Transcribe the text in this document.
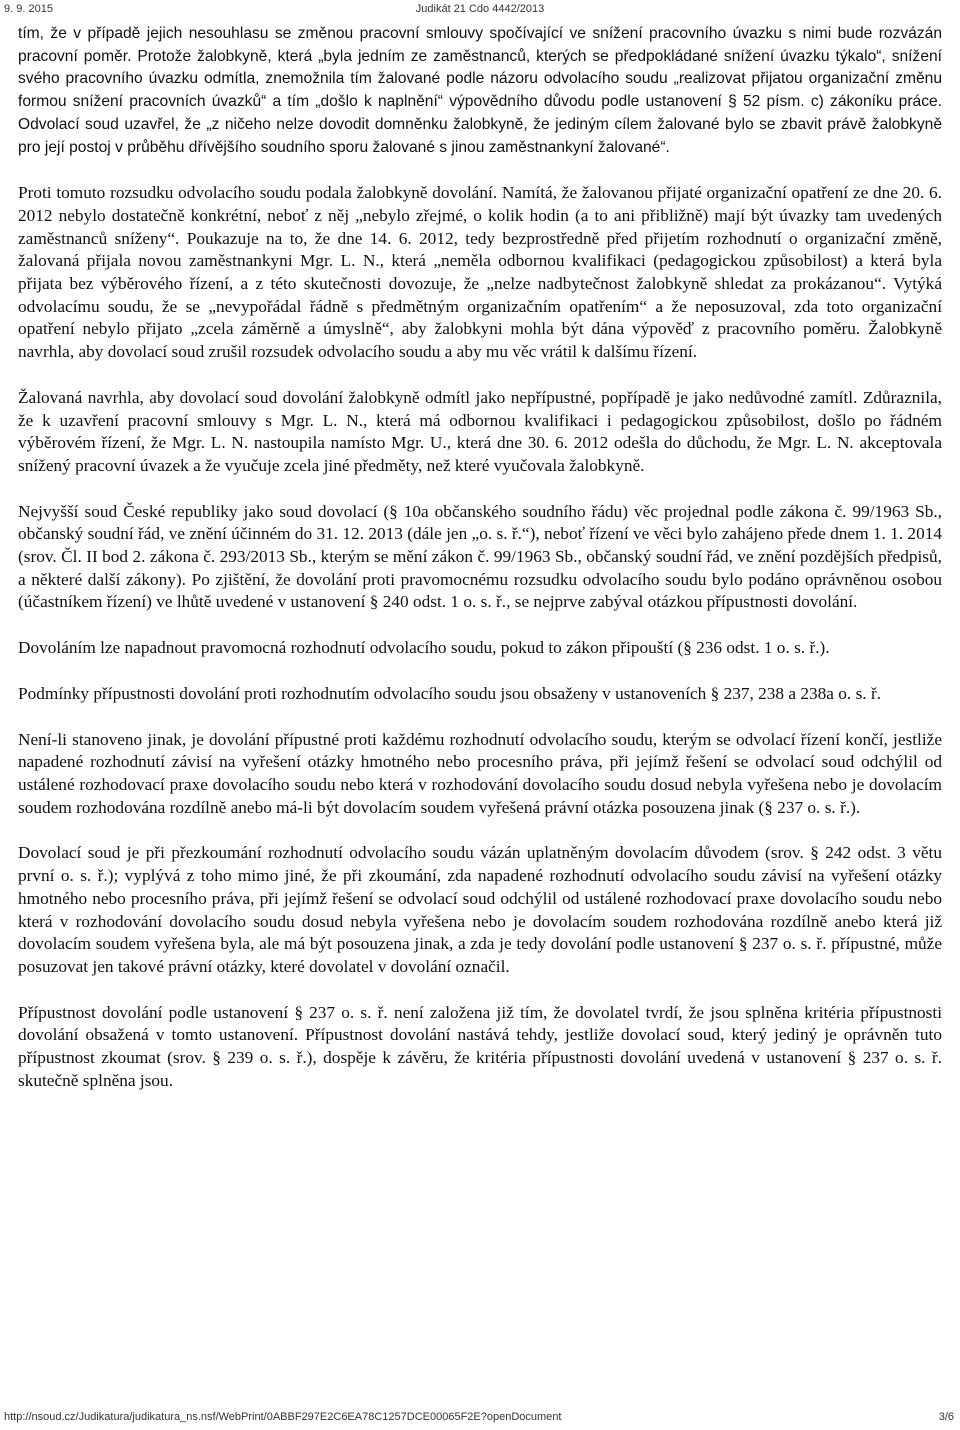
9. 9. 2015	Judikát 21 Cdo 4442/2013

tím, že v případě jejich nesouhlasu se změnou pracovní smlouvy spočívající ve snížení pracovního úvazku s nimi bude rozvázán pracovní poměr. Protože žalobkyně, která „byla jedním ze zaměstnanců, kterých se předpokládané snížení úvazku týkalo“, snížení svého pracovního úvazku odmítla, znemožnila tím žalované podle názoru odvolacího soudu „realizovat přijatou organizační změnu formou snížení pracovních úvazků“ a tím „došlo k naplnění“ výpovědního důvodu podle ustanovení § 52 písm. c) zákoníku práce. Odvolací soud uzavřel, že „z ničeho nelze dovodit domněnku žalobkyně, že jediným cílem žalované bylo se zbavit právě žalobkyně pro její postoj v průběhu dřívějšího soudního sporu žalované s jinou zaměstnankyní žalované“.

Proti tomuto rozsudku odvolacího soudu podala žalobkyně dovolání. Namítá, že žalovanou přijaté organizační opatření ze dne 20. 6. 2012 nebylo dostatečně konkrétní, neboť z něj „nebylo zřejmé, o kolik hodin (a to ani přibližně) mají být úvazky tam uvedených zaměstnanců sníženy“. Poukazuje na to, že dne 14. 6. 2012, tedy bezprostředně před přijetím rozhodnutí o organizační změně, žalovaná přijala novou zaměstnankyni Mgr. L. N., která „neměla odbornou kvalifikaci (pedagogickou způsobilost) a která byla přijata bez výběrového řízení, a z této skutečnosti dovozuje, že „nelze nadbytečnost žalobkyně shledat za prokázanou“. Vytýká odvolacímu soudu, že se „nevypořádal řádně s předmětným organizačním opatřením“ a že neposuzoval, zda toto organizační opatření nebylo přijato „zcela záměrně a úmyslně“, aby žalobkyni mohla být dána výpověď z pracovního poměru. Žalobkyně navrhla, aby dovolací soud zrušil rozsudek odvolacího soudu a aby mu věc vrátil k dalšímu řízení.

Žalovaná navrhla, aby dovolací soud dovolání žalobkyně odmítl jako nepřípustné, popřípadě je jako nedůvodné zamítl. Zdůraznila, že k uzavření pracovní smlouvy s Mgr. L. N., která má odbornou kvalifikaci i pedagogickou způsobilost, došlo po řádném výběrovém řízení, že Mgr. L. N. nastoupila namísto Mgr. U., která dne 30. 6. 2012 odešla do důchodu, že Mgr. L. N. akceptovala snížený pracovní úvazek a že vyučuje zcela jiné předměty, než které vyučovala žalobkyně.

Nejvyšší soud České republiky jako soud dovolací (§ 10a občanského soudního řádu) věc projednal podle zákona č. 99/1963 Sb., občanský soudní řád, ve znění účinném do 31. 12. 2013 (dále jen „o. s. ř.“), neboť řízení ve věci bylo zahájeno přede dnem 1. 1. 2014 (srov. Čl. II bod 2. zákona č. 293/2013 Sb., kterým se mění zákon č. 99/1963 Sb., občanský soudní řád, ve znění pozdějších předpisů, a některé další zákony). Po zjištění, že dovolání proti pravomocnému rozsudku odvolacího soudu bylo podáno oprávněnou osobou (účastníkem řízení) ve lhůtě uvedené v ustanovení § 240 odst. 1 o. s. ř., se nejprve zabýval otázkou přípustnosti dovolání.

Dovoláním lze napadnout pravomocná rozhodnutí odvolacího soudu, pokud to zákon připouští (§ 236 odst. 1 o. s. ř.).

Podmínky přípustnosti dovolání proti rozhodnutím odvolacího soudu jsou obsaženy v ustanoveních § 237, 238 a 238a o. s. ř.

Není-li stanoveno jinak, je dovolání přípustné proti každému rozhodnutí odvolacího soudu, kterým se odvolací řízení končí, jestliže napadené rozhodnutí závisí na vyřešení otázky hmotného nebo procesního práva, při jejímž řešení se odvolací soud odchýlil od ustálené rozhodovací praxe dovolacího soudu nebo která v rozhodování dovolacího soudu dosud nebyla vyřešena nebo je dovolacím soudem rozhodována rozdílně anebo má-li být dovolacím soudem vyřešená právní otázka posouzena jinak (§ 237 o. s. ř.).

Dovolací soud je při přezkoumání rozhodnutí odvolacího soudu vázán uplatněným dovolacím důvodem (srov. § 242 odst. 3 větu první o. s. ř.); vyplývá z toho mimo jiné, že při zkoumání, zda napadené rozhodnutí odvolacího soudu závisí na vyřešení otázky hmotného nebo procesního práva, při jejímž řešení se odvolací soud odchýlil od ustálené rozhodovací praxe dovolacího soudu nebo která v rozhodování dovolacího soudu dosud nebyla vyřešena nebo je dovolacím soudem rozhodována rozdílně anebo která již dovolacím soudem vyřešena byla, ale má být posouzena jinak, a zda je tedy dovolání podle ustanovení § 237 o. s. ř. přípustné, může posuzovat jen takové právní otázky, které dovolatel v dovolání označil.

Přípustnost dovolání podle ustanovení § 237 o. s. ř. není založena již tím, že dovolatel tvrdí, že jsou splněna kritéria přípustnosti dovolání obsažená v tomto ustanovení. Přípustnost dovolání nastává tehdy, jestliže dovolací soud, který jediný je oprávněn tuto přípustnost zkoumat (srov. § 239 o. s. ř.), dospěje k závěru, že kritéria přípustnosti dovolání uvedená v ustanovení § 237 o. s. ř. skutečně splněna jsou.

http://nsoud.cz/Judikatura/judikatura_ns.nsf/WebPrint/0ABBF297E2C6EA78C1257DCE00065F2E?openDocument	3/6
